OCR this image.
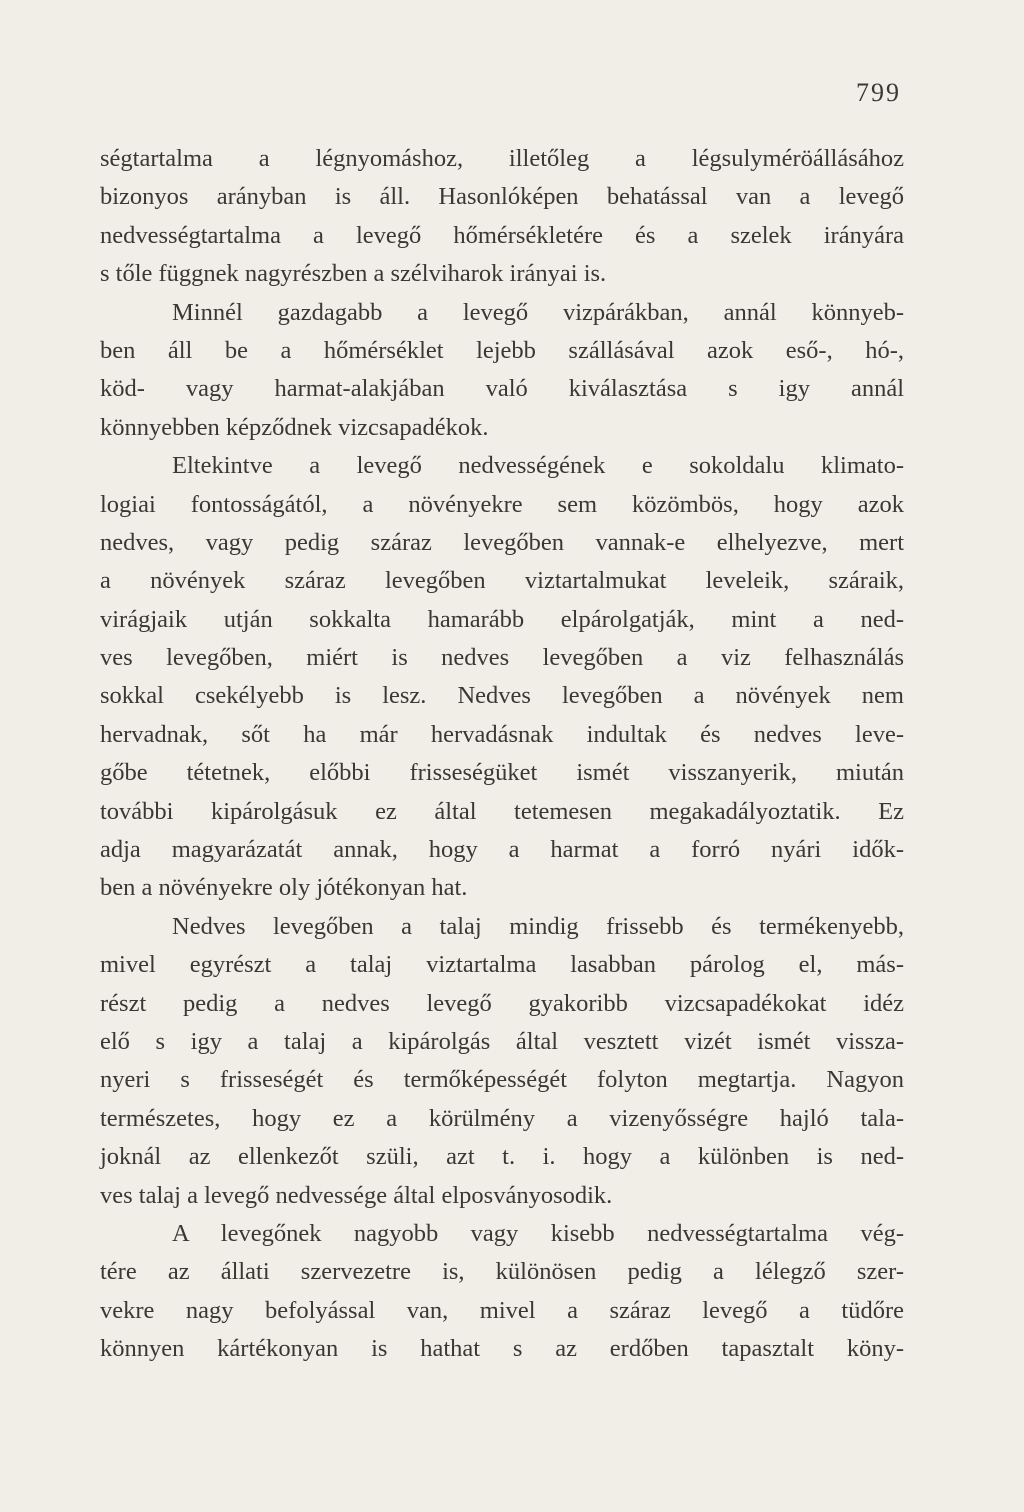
799
ségtartalma a légnyomáshoz, illetőleg a légsulyméröállásához
bizonyos arányban is áll. Hasonlóképen behatással van a levegő
nedvességtartalma a levegő hőmérsékletére és a szelek irányára
s tőle függnek nagyrészben a szélviharok irányai is.
Minnél gazdagabb a levegő vizpárákban, annál könnyeb-
ben áll be a hőmérséklet lejebb szállásával azok eső-, hó-,
köd- vagy harmat-alakjában való kiválasztása s igy annál
könnyebben képződnek vizcsapadékok.
Eltekintve a levegő nedvességének e sokoldalu klimato-
logiai fontosságától, a növényekre sem közömbös, hogy azok
nedves, vagy pedig száraz levegőben vannak-e elhelyezve, mert
a növények száraz levegőben viztartalmukat leveleik, száraik,
virágjaik utján sokkalta hamarább elpárolgatják, mint a ned-
ves levegőben, miért is nedves levegőben a viz felhasználás
sokkal csekélyebb is lesz. Nedves levegőben a növények nem
hervadnak, sőt ha már hervadásnak indultak és nedves leve-
gőbe tétetnek, előbbi frisseségüket ismét visszanyerik, miután
további kipárolgásuk ez által tetemesen megakadályoztatik. Ez
adja magyarázatát annak, hogy a harmat a forró nyári idők-
ben a növényekre oly jótékonyan hat.
Nedves levegőben a talaj mindig frissebb és termékenyebb,
mivel egyrészt a talaj viztartalma lasabban párolog el, más-
részt pedig a nedves levegő gyakoribb vizcsapadékokat idéz
elő s igy a talaj a kipárolgás által vesztett vizét ismét vissza-
nyeri s frisseségét és termőképességét folyton megtartja. Nagyon
természetes, hogy ez a körülmény a vizenyősségre hajló tala-
joknál az ellenkezőt szüli, azt t. i. hogy a különben is ned-
ves talaj a levegő nedvessége által elposványosodik.
A levegőnek nagyobb vagy kisebb nedvességtartalma vég-
tére az állati szervezetre is, különösen pedig a lélegző szer-
vekre nagy befolyással van, mivel a száraz levegő a tüdőre
könnyen kártékonyan is hathat s az erdőben tapasztalt köny-
